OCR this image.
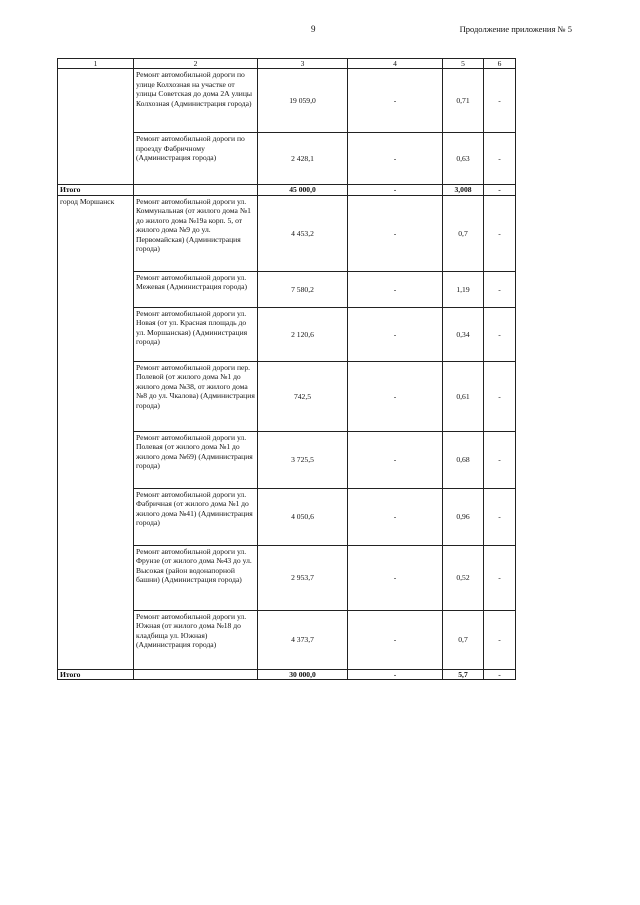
9	Продолжение приложения № 5
1	2	3	4	5	6
	Ремонт автомобильной дороги по улице Колхозная на участке от улицы Советская до дома 2А улицы Колхозная (Администрация города)	19 059,0	-	0,71	-
	Ремонт автомобильной дороги по проезду Фабричному (Администрация города)	2 428,1	-	0,63	-
Итого		45 000,0	-	3,008	-
город Моршанск	Ремонт автомобильной дороги ул. Коммунальная (от жилого дома №1 до жилого дома №19а корп. 5, от жилого дома №9 до ул. Первомайская) (Администрация города)	4 453,2	-	0,7	-
	Ремонт автомобильной дороги ул. Межевая (Администрация города)	7 580,2	-	1,19	-
	Ремонт автомобильной дороги ул. Новая (от ул. Красная площадь до ул. Моршанская) (Администрация города)	2 120,6	-	0,34	-
	Ремонт автомобильной дороги пер. Полевой (от жилого дома №1 до жилого дома №38, от жилого дома №8 до ул. Чкалова) (Администрация города)	742,5	-	0,61	-
	Ремонт автомобильной дороги ул. Полевая (от жилого дома №1 до жилого дома №69) (Администрация города)	3 725,5	-	0,68	-
	Ремонт автомобильной дороги ул. Фабричная (от жилого дома №1 до жилого дома №41) (Администрация города)	4 050,6	-	0,96	-
	Ремонт автомобильной дороги ул. Фрунзе (от жилого дома №43 до ул. Высокая (район водонапорной башни) (Администрация города)	2 953,7	-	0,52	-
	Ремонт автомобильной дороги ул. Южная (от жилого дома №18 до кладбища ул. Южная) (Администрация города)	4 373,7	-	0,7	-
Итого		30 000,0	-	5,7	-
